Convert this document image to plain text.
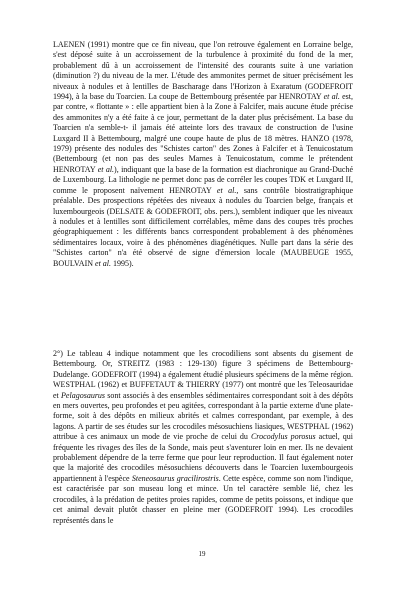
LAENEN (1991) montre que ce fin niveau, que l'on retrouve également en Lorraine belge, s'est déposé suite à un accroissement de la turbulence à proximité du fond de la mer, probablement dû à un accroissement de l'intensité des courants suite à une variation (diminution ?) du niveau de la mer. L'étude des ammonites permet de situer précisément les niveaux à nodules et à lentilles de Bascharage dans l'Horizon à Exaratum (GODEFROIT 1994), à la base du Toarcien. La coupe de Bettembourg présentée par HENROTAY et al. est, par contre, « flottante » : elle appartient bien à la Zone à Falcifer, mais aucune étude précise des ammonites n'y a été faite à ce jour, permettant de la dater plus précisément. La base du Toarcien n'a semble-t- il jamais été atteinte lors des travaux de construction de l'usine Luxgard II à Bettembourg, malgré une coupe haute de plus de 18 mètres. HANZO (1978, 1979) présente des nodules des "Schistes carton" des Zones à Falcifer et à Tenuicostatum (Bettembourg (et non pas des seules Marnes à Tenuicostatum, comme le prétendent HENROTAY et al.), indiquant que la base de la formation est diachronique au Grand-Duché de Luxembourg. La lithologie ne permet donc pas de corréler les coupes TDK et Luxgard II, comme le proposent naïvement HENROTAY et al., sans contrôle biostratigraphique préalable. Des prospections répétées des niveaux à nodules du Toarcien belge, français et luxembourgeois (DELSATE & GODEFROIT, obs. pers.), semblent indiquer que les niveaux à nodules et à lentilles sont difficilement corrélables, même dans des coupes très proches géographiquement : les différents bancs correspondent probablement à des phénomènes sédimentaires locaux, voire à des phénomènes diagénétiques. Nulle part dans la série des "Schistes carton" n'a été observé de signe d'émersion locale (MAUBEUGE 1955, BOULVAIN et al. 1995).

2°) Le tableau 4 indique notamment que les crocodiliens sont absents du gisement de Bettembourg. Or, STREITZ (1983 : 129-130) figure 3 spécimens de Bettembourg-Dudelange. GODEFROIT (1994) a également étudié plusieurs spécimens de la même région. WESTPHAL (1962) et BUFFETAUT & THIERRY (1977) ont montré que les Teleosauridae et Pelagosaurus sont associés à des ensembles sédimentaires correspondant soit à des dépôts en mers ouvertes, peu profondes et peu agitées, correspondant à la partie externe d'une plate-forme, soit à des dépôts en milieux abrités et calmes correspondant, par exemple, à des lagons. A partir de ses études sur les crocodiles mésosuchiens liasiques, WESTPHAL (1962) attribue à ces animaux un mode de vie proche de celui du Crocodylus porosus actuel, qui fréquente les rivages des îles de la Sonde, mais peut s'aventurer loin en mer. Ils ne devaient probablement dépendre de la terre ferme que pour leur reproduction. Il faut également noter que la majorité des crocodiles mésosuchiens découverts dans le Toarcien luxembourgeois appartiennent à l'espèce Steneosaurus gracilirostris. Cette espèce, comme son nom l'indique, est caractérisée par son museau long et mince. Un tel caractère semble lié, chez les crocodiles, à la prédation de petites proies rapides, comme de petits poissons, et indique que cet animal devait plutôt chasser en pleine mer (GODEFROIT 1994). Les crocodiles représentés dans le

19
